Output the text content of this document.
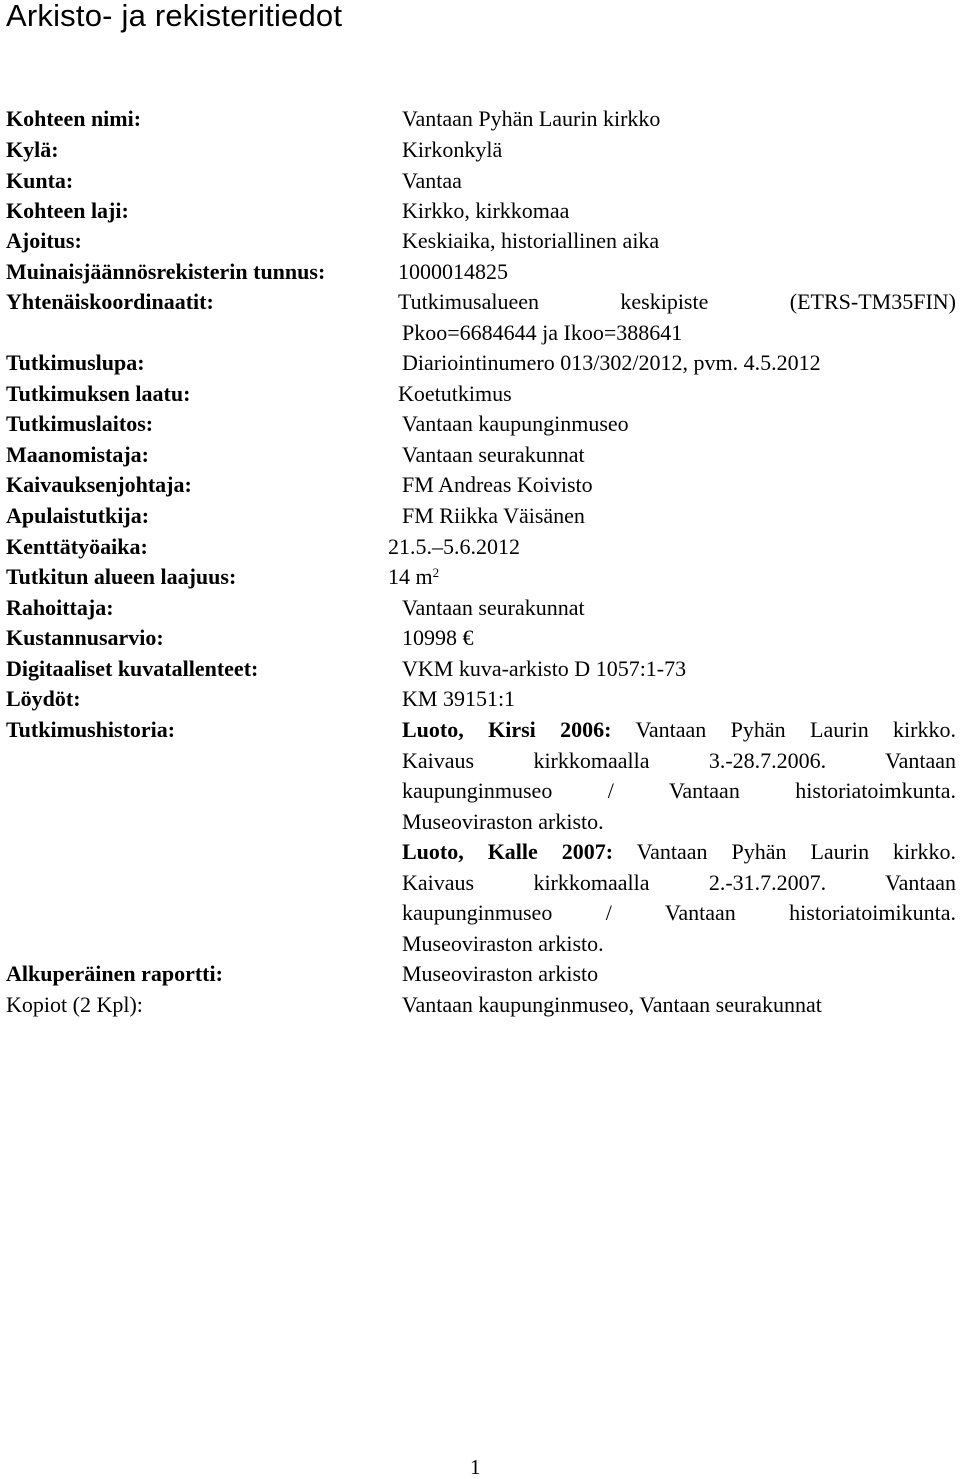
Arkisto- ja rekisteritiedot
Kohteen nimi:	Vantaan Pyhän Laurin kirkko
Kylä:	Kirkonkylä
Kunta:	Vantaa
Kohteen laji:	Kirkko, kirkkomaa
Ajoitus:	Keskiaika, historiallinen aika
Muinaisjäännösrekisterin tunnus:	1000014825
Yhtenäiskoordinaatit:	Tutkimusalueen keskipiste (ETRS-TM35FIN)
Pkoo=6684644 ja Ikoo=388641
Tutkimuslupa:	Diariointinumero 013/302/2012, pvm. 4.5.2012
Tutkimuksen laatu:	Koetutkimus
Tutkimuslaitos:	Vantaan kaupunginmuseo
Maanomistaja:	Vantaan seurakunnat
Kaivauksenjohtaja:	FM Andreas Koivisto
Apulaistutkija:	FM Riikka Väisänen
Kenttätyöaika:	21.5.–5.6.2012
Tutkitun alueen laajuus:	14 $m^2$
Rahoittaja:	Vantaan seurakunnat
Kustannusarvio:	10998 €
Digitaaliset kuvatallenteet:	VKM kuva-arkisto D 1057:1-73
Löydöt:	KM 39151:1
Tutkimushistoria:	Luoto, Kirsi 2006: Vantaan Pyhän Laurin kirkko.
Kaivaus kirkkomaalla 3.-28.7.2006. Vantaan
kaupunginmuseo / Vantaan historiatoimkunta.
Museoviraston arkisto.
Luoto, Kalle 2007: Vantaan Pyhän Laurin kirkko.
Kaivaus kirkkomaalla 2.-31.7.2007. Vantaan
kaupunginmuseo / Vantaan historiatoimikunta.
Museoviraston arkisto.
Alkuperäinen raportti:	Museoviraston arkisto
Kopiot (2 Kpl):	Vantaan kaupunginmuseo, Vantaan seurakunnat
1
